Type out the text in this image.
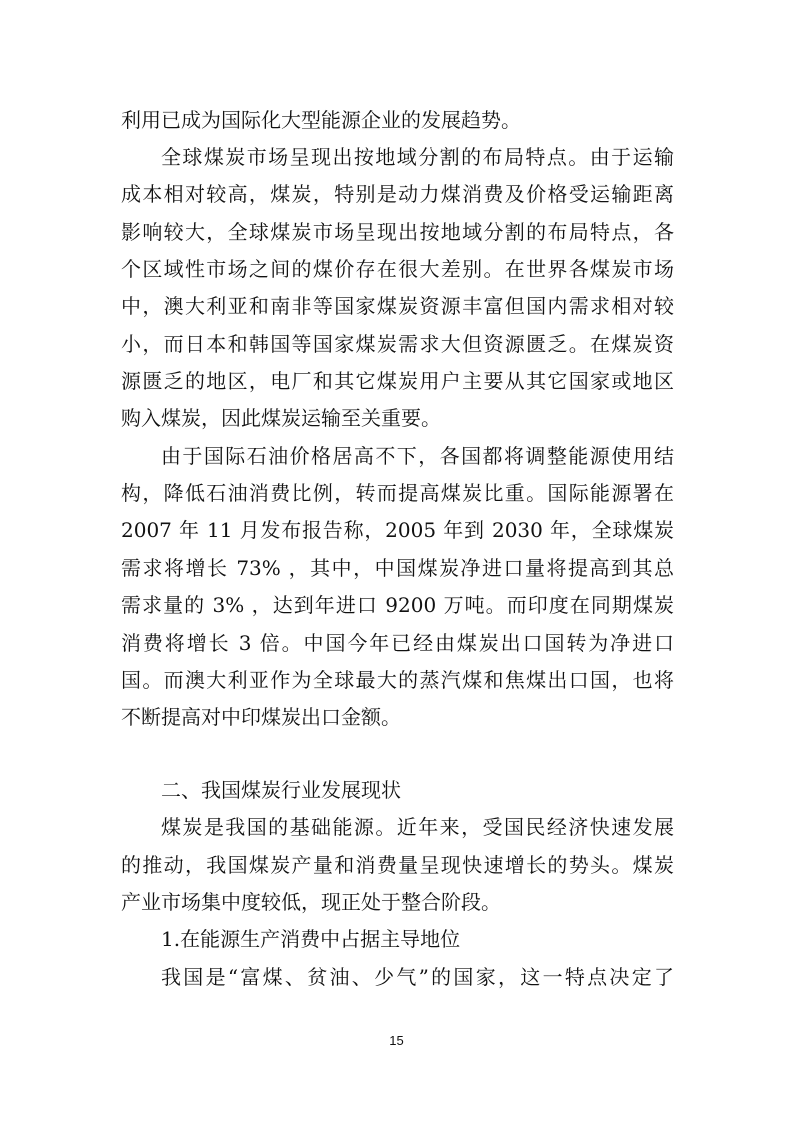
利用已成为国际化大型能源企业的发展趋势。
全球煤炭市场呈现出按地域分割的布局特点。由于运输
成本相对较高，煤炭，特别是动力煤消费及价格受运输距离
影响较大，全球煤炭市场呈现出按地域分割的布局特点，各
个区域性市场之间的煤价存在很大差别。在世界各煤炭市场
中，澳大利亚和南非等国家煤炭资源丰富但国内需求相对较
小，而日本和韩国等国家煤炭需求大但资源匮乏。在煤炭资
源匮乏的地区，电厂和其它煤炭用户主要从其它国家或地区
购入煤炭，因此煤炭运输至关重要。
由于国际石油价格居高不下，各国都将调整能源使用结
构，降低石油消费比例，转而提高煤炭比重。国际能源署在
2007 年 11 月发布报告称，2005 年到 2030 年，全球煤炭
需求将增长 73% ，其中，中国煤炭净进口量将提高到其总
需求量的 3% ，达到年进口 9200 万吨。而印度在同期煤炭
消费将增长 3 倍。中国今年已经由煤炭出口国转为净进口
国。而澳大利亚作为全球最大的蒸汽煤和焦煤出口国，也将
不断提高对中印煤炭出口金额。
二、我国煤炭行业发展现状
煤炭是我国的基础能源。近年来，受国民经济快速发展
的推动，我国煤炭产量和消费量呈现快速增长的势头。煤炭
产业市场集中度较低，现正处于整合阶段。
1.在能源生产消费中占据主导地位
我国是“富煤、贫油、少气”的国家，这一特点决定了
15
